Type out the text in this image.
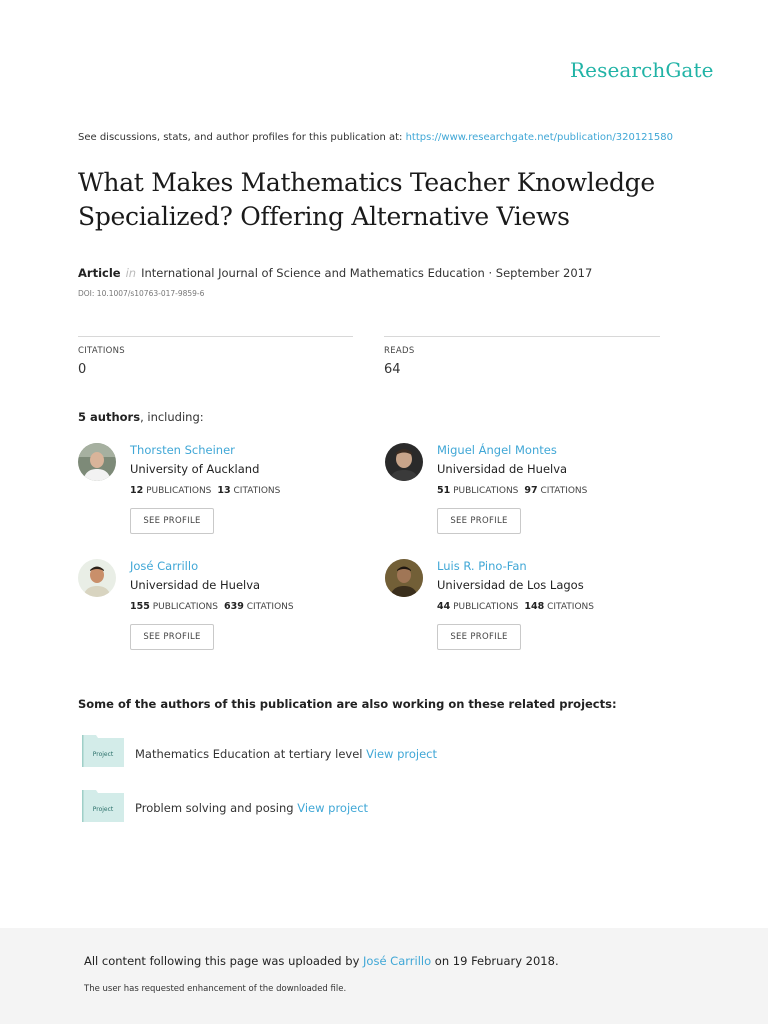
ResearchGate
See discussions, stats, and author profiles for this publication at: https://www.researchgate.net/publication/320121580
What Makes Mathematics Teacher Knowledge
Specialized? Offering Alternative Views
Article in International Journal of Science and Mathematics Education · September 2017
DOI: 10.1007/s10763-017-9859-6
CITATIONS
0
READS
64
5 authors, including:
Thorsten Scheiner
University of Auckland
12 PUBLICATIONS 13 CITATIONS
SEE PROFILE
Miguel Ángel Montes
Universidad de Huelva
51 PUBLICATIONS 97 CITATIONS
SEE PROFILE
José Carrillo
Universidad de Huelva
155 PUBLICATIONS 639 CITATIONS
SEE PROFILE
Luis R. Pino-Fan
Universidad de Los Lagos
44 PUBLICATIONS 148 CITATIONS
SEE PROFILE
Some of the authors of this publication are also working on these related projects:
Project Mathematics Education at tertiary level View project
Project Problem solving and posing View project
All content following this page was uploaded by José Carrillo on 19 February 2018.
The user has requested enhancement of the downloaded file.
